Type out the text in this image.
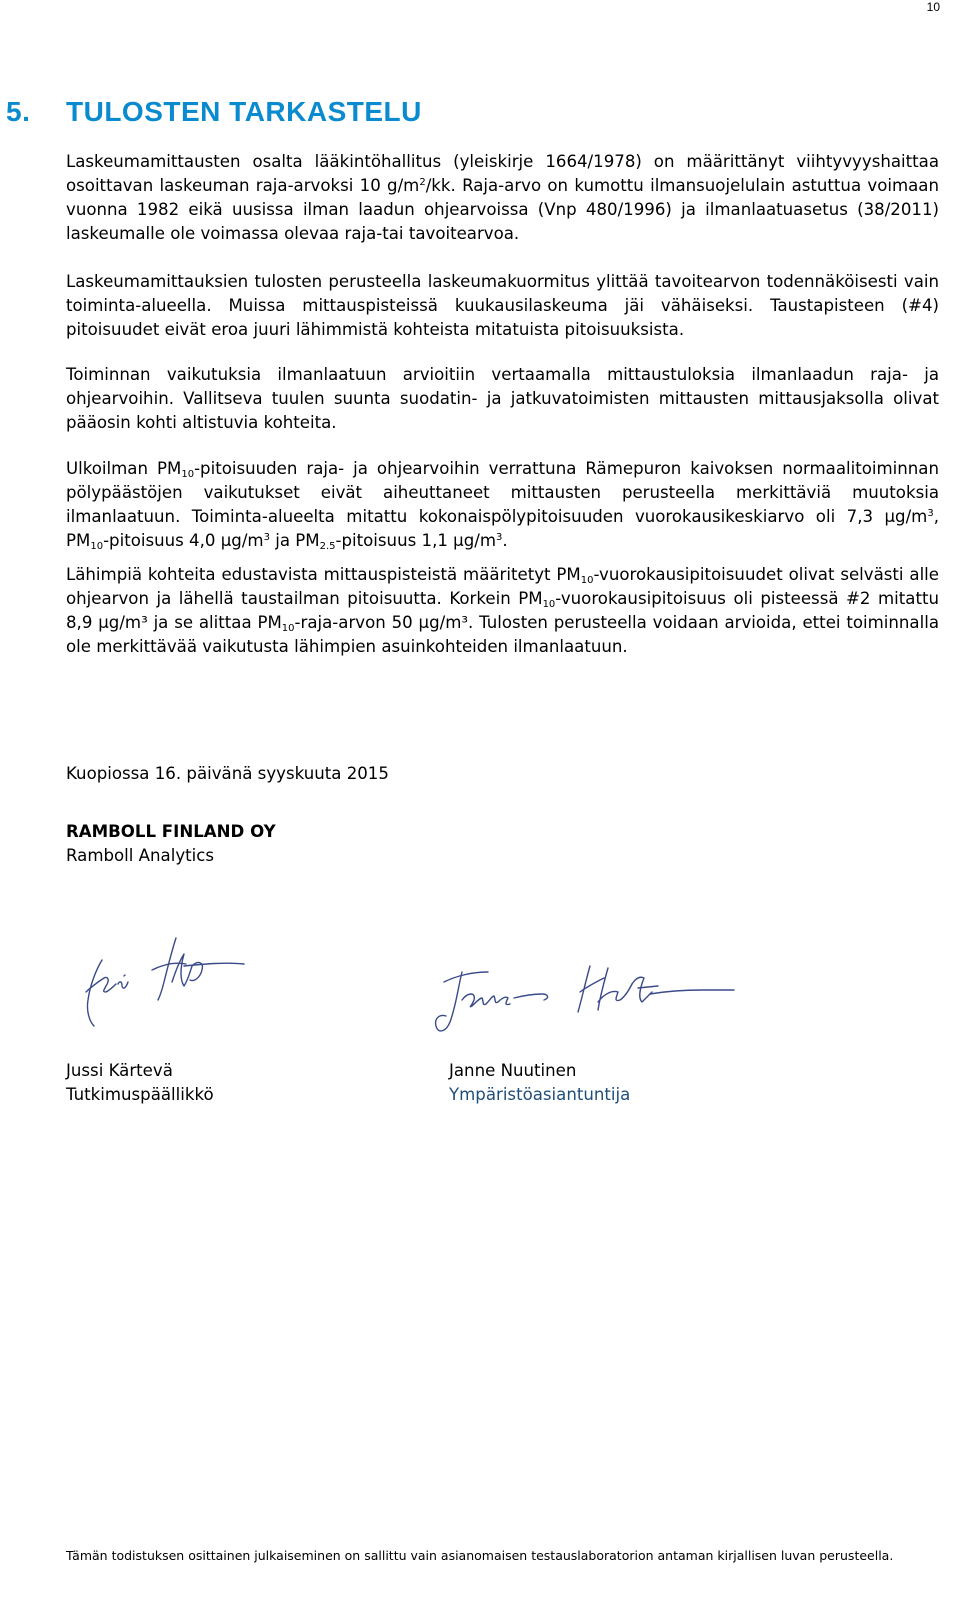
10
5. TULOSTEN TARKASTELU

Laskeumamittausten osalta lääkintöhallitus (yleiskirje 1664/1978) on määrittänyt viihtyvyyshaittaa osoittavan laskeuman raja-arvoksi 10 $g/m^2/kk$. Raja-arvo on kumottu ilmansuojelulain astuttua voimaan vuonna 1982 eikä uusissa ilman laadun ohjearvoissa (Vnp 480/1996) ja ilmanlaatuasetus (38/2011) laskeumalle ole voimassa olevaa raja-tai tavoitearvoa.

Laskeumamittauksien tulosten perusteella laskeumakuormitus ylittää tavoitearvon todennäköisesti vain toiminta-alueella. Muissa mittauspisteissä kuukausilaskeuma jäi vähäiseksi. Taustapisteen (#4) pitoisuudet eivät eroa juuri lähimmistä kohteista mitatuista pitoisuuksista.

Toiminnan vaikutuksia ilmanlaatuun arvioitiin vertaamalla mittaustuloksia ilmanlaadun raja- ja ohjearvoihin. Vallitseva tuulen suunta suodatin- ja jatkuvatoimisten mittausten mittausjaksolla olivat pääosin kohti altistuvia kohteita.

Ulkoilman $PM_{10}$-pitoisuuden raja- ja ohjearvoihin verrattuna Rämepuron kaivoksen normaalitoiminnan pölypäästöjen vaikutukset eivät aiheuttaneet mittausten perusteella merkittäviä muutoksia ilmanlaatuun. Toiminta-alueelta mitattu kokonaispölypitoisuuden vuorokausikeskiarvo oli 7,3 $\mu g/m^3$, $PM_{10}$-pitoisuus 4,0 $\mu g/m^3$ ja $PM_{2.5}$-pitoisuus 1,1 $\mu g/m^3$.

Lähimpiä kohteita edustavista mittauspisteistä määritetyt $PM_{10}$-vuorokausipitoisuudet olivat selvästi alle ohjearvon ja lähellä taustailman pitoisuutta. Korkein $PM_{10}$-vuorokausipitoisuus oli pisteessä #2 mitattu 8,9 µg/m³ ja se alittaa $PM_{10}-raja$-arvon 50 µg/m³. Tulosten perusteella voidaan arvioida, ettei toiminnalla ole merkittävää vaikutusta lähimpien asuinkohteiden ilmanlaatuun.

Kuopiossa 16. päivänä syyskuuta 2015
RAMBOLL FINLAND OY
Ramboll Analytics
Jussi Kärtevä
Tutkimuspäällikkö
Janne Nuutinen
Ympäristöasiantuntija
Tämän todistuksen osittainen julkaiseminen on sallittu vain asianomaisen testauslaboratorion antaman kirjallisen luvan perusteella.
